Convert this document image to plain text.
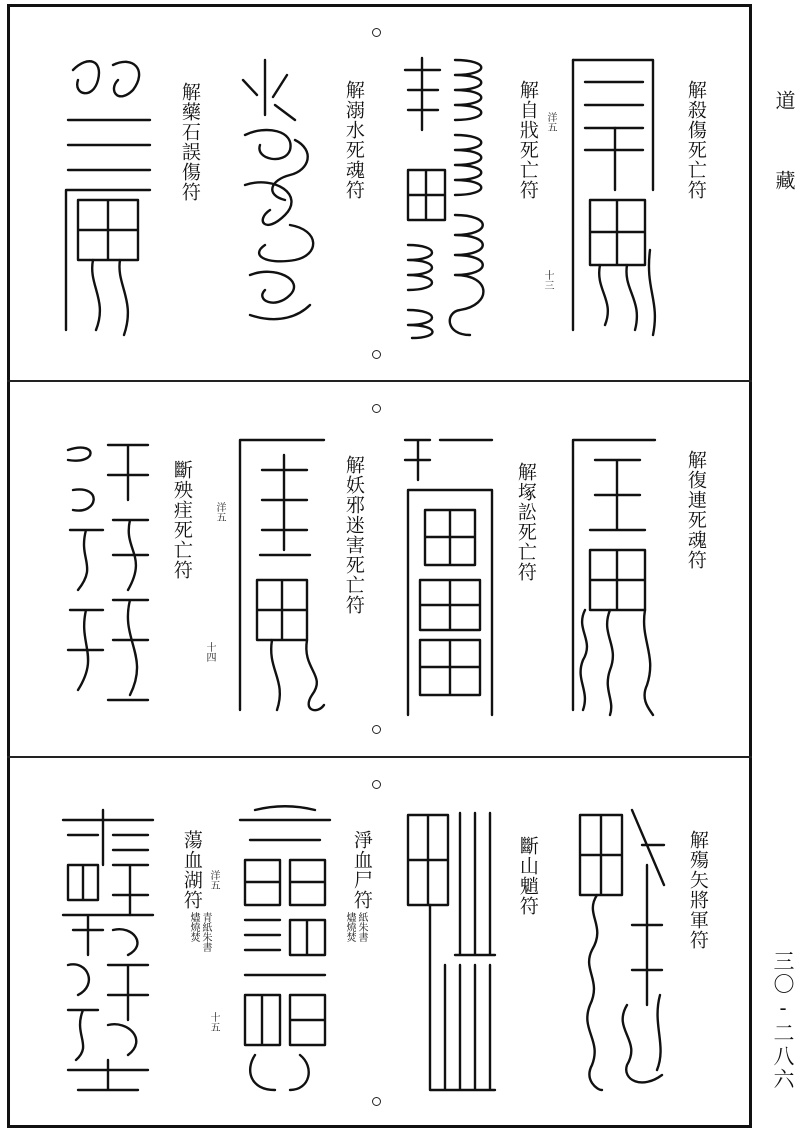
道 藏
三〇-二八六
解殺傷死亡符
解自戕死亡符
解溺水死魂符
解藥石誤傷符	洋五
十三
解復連死魂符
解塚訟死亡符
解妖邪迷害死亡符
斷殃疰死亡符 洋五
十四
解殤矢將軍符
斷山魈符
淨血尸符
蕩血湖符
紙朱書
燼燒焚
洋五
青紙朱書
燼燒焚
十五
